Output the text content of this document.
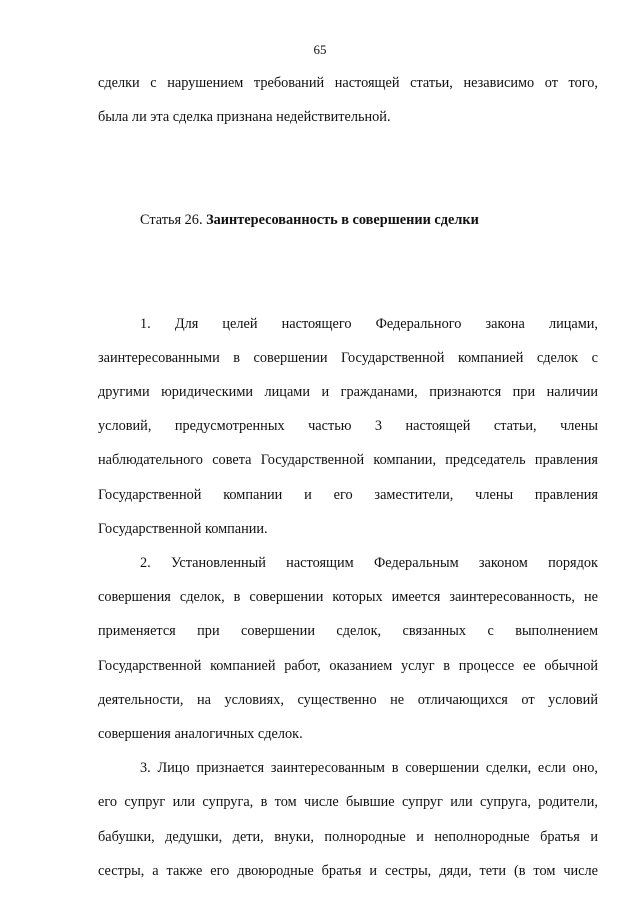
65
сделки с нарушением требований настоящей статьи, независимо от того,
была ли эта сделка признана недействительной.

Статья 26. Заинтересованность в совершении сделки

1. Для целей настоящего Федерального закона лицами,
заинтересованными в совершении Государственной компанией сделок с
другими юридическими лицами и гражданами, признаются при наличии
условий, предусмотренных частью 3 настоящей статьи, члены
наблюдательного совета Государственной компании, председатель правления
Государственной компании и его заместители, члены правления
Государственной компании.
2. Установленный настоящим Федеральным законом порядок
совершения сделок, в совершении которых имеется заинтересованность, не
применяется при совершении сделок, связанных с выполнением
Государственной компанией работ, оказанием услуг в процессе ее обычной
деятельности, на условиях, существенно не отличающихся от условий
совершения аналогичных сделок.
3. Лицо признается заинтересованным в совершении сделки, если оно,
его супруг или супруга, в том числе бывшие супруг или супруга, родители,
бабушки, дедушки, дети, внуки, полнородные и неполнородные братья и
сестры, а также его двоюродные братья и сестры, дяди, тети (в том числе
